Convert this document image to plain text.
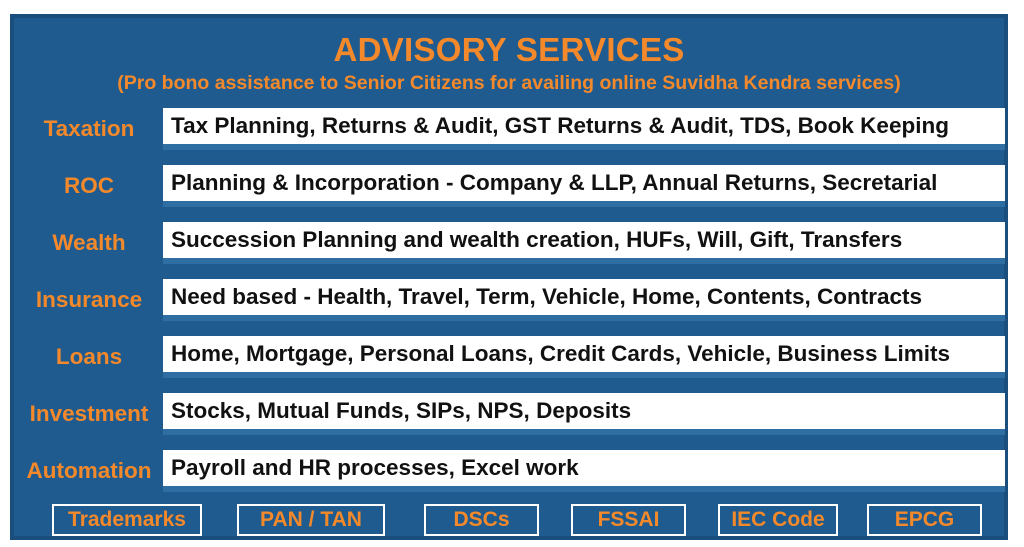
ADVISORY SERVICES
(Pro bono assistance to Senior Citizens for availing online Suvidha Kendra services)
Taxation	Tax Planning, Returns & Audit, GST Returns & Audit, TDS, Book Keeping
ROC	Planning & Incorporation - Company & LLP, Annual Returns, Secretarial
Wealth	Succession Planning and wealth creation, HUFs, Will, Gift, Transfers
Insurance	Need based - Health, Travel, Term, Vehicle, Home, Contents, Contracts
Loans	Home, Mortgage, Personal Loans, Credit Cards, Vehicle, Business Limits
Investment	Stocks, Mutual Funds, SIPs, NPS, Deposits
Automation Payroll and HR processes, Excel work
Trademarks	PAN / TAN	DSCs	FSSAI	IEC Code	EPCG
